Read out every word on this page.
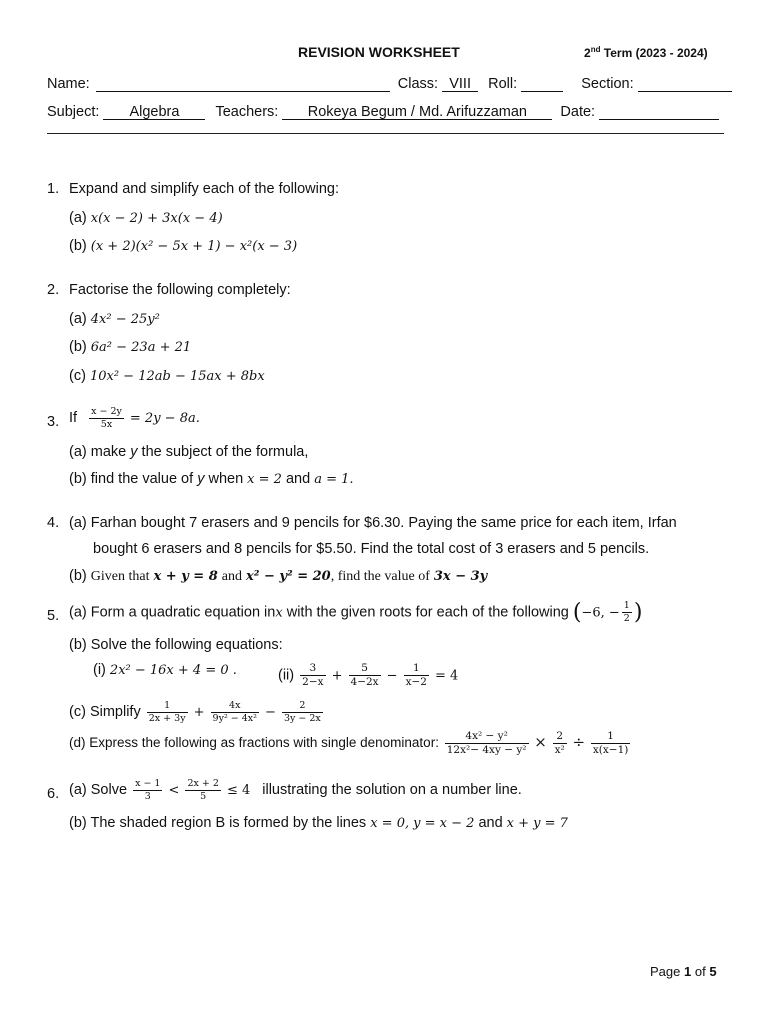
REVISION WORKSHEET	2nd Term (2023 - 2024)
Name:	Class: VIII Roll:	Section:
Subject: Algebra Teachers: Rokeya Begum / Md. Arifuzzaman Date:
1. Expand and simplify each of the following:
(a) x(x − 2) + 3x(x − 4)
(b) (x + 2)(x² − 5x + 1) − x²(x − 3)
2. Factorise the following completely:
(a) 4x² − 25y²
(b) 6a² − 23a + 21
(c) 10x² − 12ab − 15ax + 8bx
3. If $\frac{x - 2y}{5x} = 2y - 8a$.
(a) make y the subject of the formula,
(b) find the value of y when x = 2 and a = 1.
4. (a) Farhan bought 7 erasers and 9 pencils for $6.30. Paying the same price for each item, Irfan
bought 6 erasers and 8 pencils for $5.50. Find the total cost of 3 erasers and 5 pencils.
(b) Given that x + y = 8 and x² − y² = 20, find the value of 3x − 3y
5. (a) Form a quadratic equation inx with the given roots for each of the following (−6, − $\frac{1}{2}$ )
(b) Solve the following equations:
(i) 2x² − 16x + 4 = 0 .	$(ii) \frac{3}{2-x} + \frac{5}{4-2x} - \frac{1}{x-2} = 4$
(c) Simplify $\frac{1}{2x + 3y} + \frac{4x}{\text{9y² − 4x²}} - \frac{2}{3y - 2x}$
(d) Express the following as fractions with single denominator: $\frac{\text{4x² − y²}}{\text{12x²− 4xy − y²}} \times \frac{2}{\text{x²}} \div \frac{1}{x(x-1)}$
6. (a) Solve $\frac{x - 1}{3} < \frac{2x + 2}{5} \le 4$ illustrating the solution on a number line.
(b) The shaded region B is formed by the lines x = 0, y = x − 2 and x + y = 7
Page 1 of 5
